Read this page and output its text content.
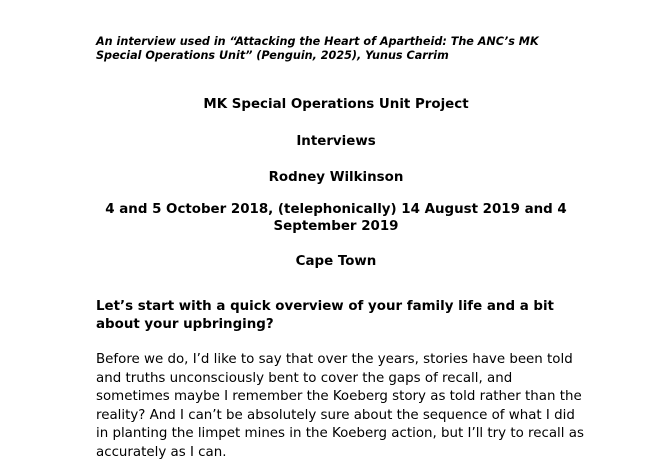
An interview used in “Attacking the Heart of Apartheid: The ANC’s MK Special Operations Unit” (Penguin, 2025), Yunus Carrim
MK Special Operations Unit Project
Interviews
Rodney Wilkinson
4 and 5 October 2018, (telephonically) 14 August 2019 and 4 September 2019
Cape Town
Let’s start with a quick overview of your family life and a bit about your upbringing?
Before we do, I’d like to say that over the years, stories have been told and truths unconsciously bent to cover the gaps of recall, and sometimes maybe I remember the Koeberg story as told rather than the reality? And I can’t be absolutely sure about the sequence of what I did in planting the limpet mines in the Koeberg action, but I’ll try to recall as accurately as I can.
